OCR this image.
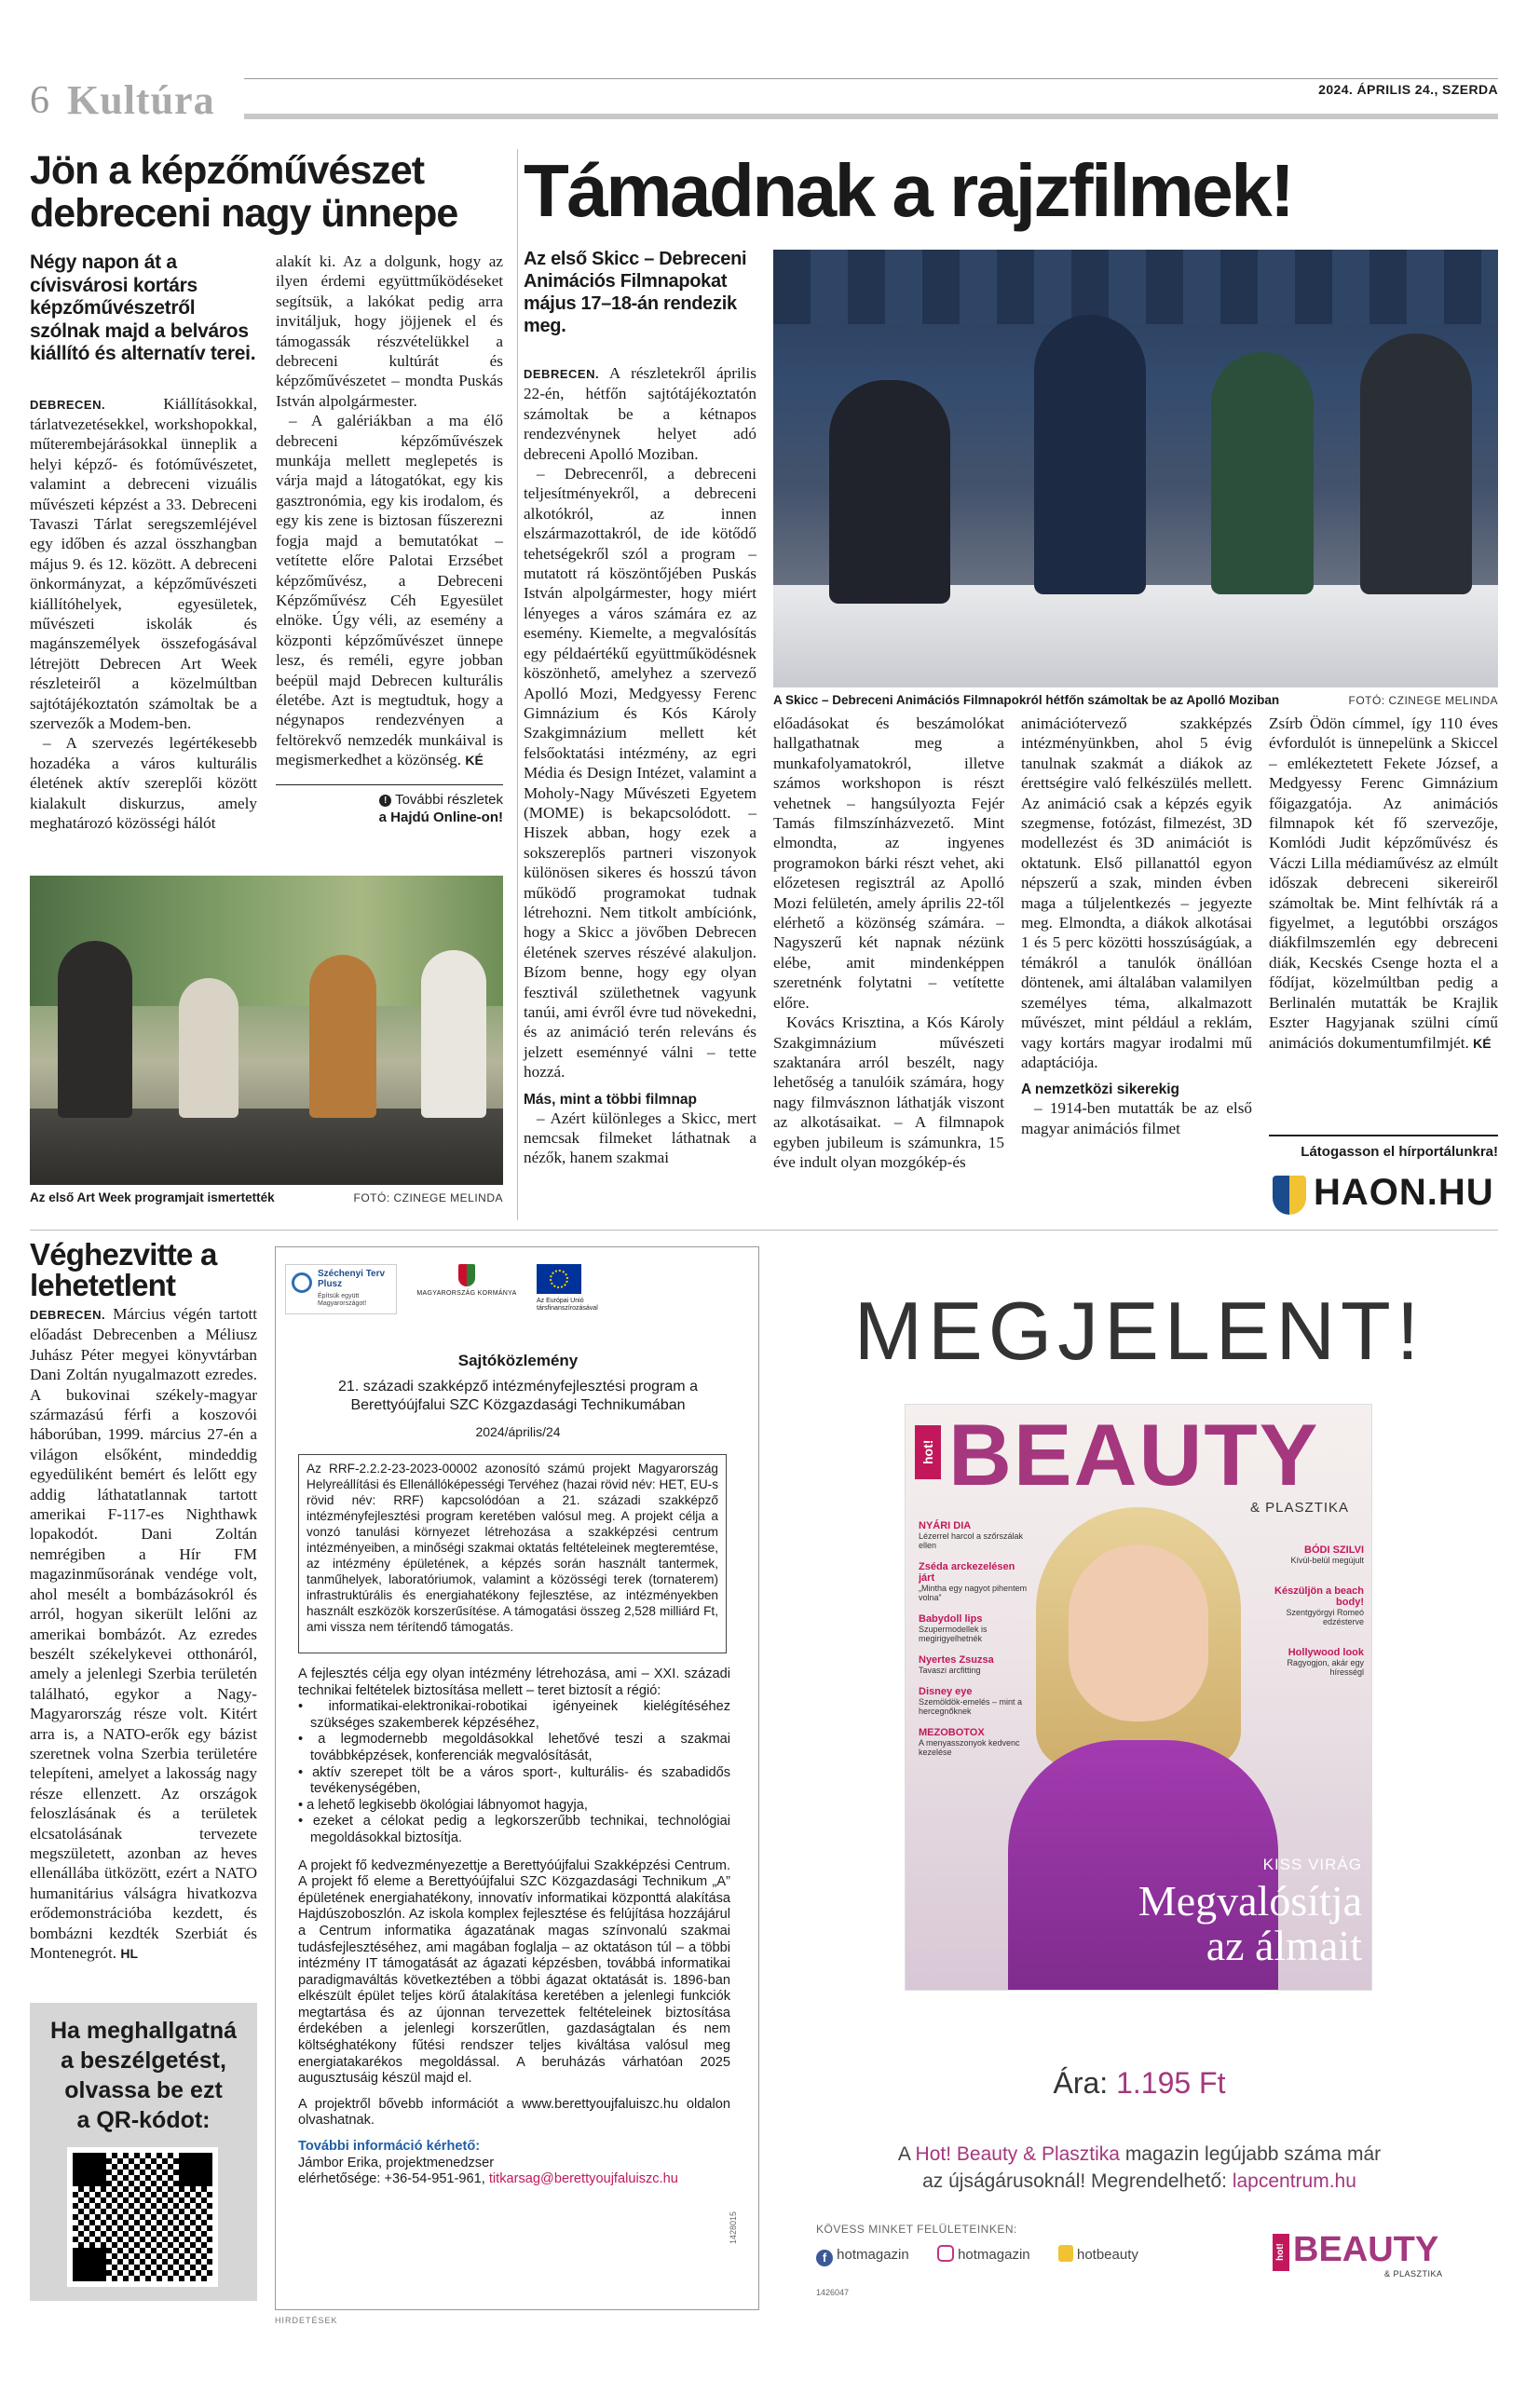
6 Kultúra	2024. ÁPRILIS 24., SZERDA
Jön a képzőművészet debreceni nagy ünnepe
Négy napon át a cívisvárosi kortárs képzőművészetről szólnak majd a belváros kiállító és alternatív terei.

DEBRECEN.	Kiállításokkal, tárlatvezetésekkel, workshopokkal, műterembejárásokkal ünneplik a helyi képző- és fotóművészetet, valamint a debreceni vizuális művészeti képzést a 33. Debreceni Tavaszi Tárlat seregszemléjével egy időben és azzal összhangban május 9. és 12. között. A debreceni önkormányzat, a képzőművészeti kiállítóhelyek, egyesületek, művészeti iskolák és magánszemélyek összefogásával létrejött Debrecen Art Week részleteiről a közelmúltban sajtótájékoztatón számoltak be a szervezők a Modem-ben.

– A szervezés legértékesebb hozadéka a város kulturális életének aktív szereplői között kialakult diskurzus, amely meghatározó közösségi hálót

alakít ki. Az a dolgunk, hogy az ilyen érdemi együttműködéseket segítsük, a lakókat pedig arra invitáljuk, hogy jöjjenek el és támogassák részvételükkel a debreceni kultúrát és képzőművészetet – mondta Puskás István alpolgármester.

– A galériákban a ma élő debreceni képzőművészek munkája mellett meglepetés is várja majd a látogatókat, egy kis gasztronómia, egy kis irodalom, és egy kis zene is biztosan fűszerezni fogja majd a bemutatókat – vetítette előre Palotai Erzsébet képzőművész, a Debreceni Képzőművész Céh Egyesület elnöke. Úgy véli, az esemény a központi képzőművészet ünnepe lesz, és reméli, egyre jobban beépül majd Debrecen kulturális életébe. Azt is megtudtuk, hogy a négynapos rendezvényen a feltörekvő nemzedék munkáival is megismerkedhet a közönség. KÉ

! További részletek
a Hajdú Online-on!
Az első Art Week programjait ismertették	FOTÓ: CZINEGE MELINDA
Támadnak a rajzfilmek!
Az első Skicc – Debreceni Animációs Filmnapokat május 17–18-án rendezik meg.

DEBRECEN. A részletekről április 22-én, hétfőn sajtótájékoztatón számoltak be a kétnapos rendezvénynek helyet adó debreceni Apolló Moziban.

– Debrecenről, a debreceni teljesítményekről, a debreceni alkotókról, az innen elszármazottakról, de ide kötődő tehetségekről szól a program – mutatott rá köszöntőjében Puskás István alpolgármester, hogy miért lényeges a város számára ez az esemény. Kiemelte, a megvalósítás egy példaértékű együttműködésnek köszönhető, amelyhez a szervező Apolló Mozi, Medgyessy Ferenc Gimnázium és Kós Károly Szakgimnázium mellett két felsőoktatási intézmény, az egri Média és Design Intézet, valamint a Moholy-Nagy Művészeti Egyetem (MOME) is bekapcsolódott. – Hiszek abban, hogy ezek a sokszereplős partneri viszonyok különösen sikeres és hosszú távon működő programokat tudnak létrehozni. Nem titkolt ambíciónk, hogy a Skicc a jövőben Debrecen életének szerves részévé alakuljon. Bízom benne, hogy egy olyan fesztivál születhetnek vagyunk tanúi, ami évről évre tud növekedni, és az animáció terén releváns és jelzett eseménnyé válni – tette hozzá.

Más, mint a többi filmnap

– Azért különleges a Skicc, mert nemcsak filmeket láthatnak a nézők, hanem szakmai

A Skicc – Debreceni Animációs Filmnapokról hétfőn számoltak be az Apolló Moziban	FOTÓ: CZINEGE MELINDA

előadásokat és beszámolókat hallgathatnak meg a munkafolyamatokról, illetve számos workshopon is részt vehetnek – hangsúlyozta Fejér Tamás filmszínházvezető. Mint elmondta, az ingyenes programokon bárki részt vehet, aki előzetesen regisztrál az Apolló Mozi felületén, amely április 22-től elérhető a közönség számára. – Nagyszerű két napnak nézünk elébe, amit mindenképpen szeretnénk folytatni – vetítette előre.

Kovács Krisztina, a Kós Károly Szakgimnázium művészeti szaktanára arról beszélt, nagy lehetőség a tanulóik számára, hogy nagy filmvásznon láthatják viszont az alkotásaikat. – A filmnapok egyben jubileum is számunkra, 15 éve indult olyan mozgókép-és

animációtervező szakképzés intézményünkben, ahol 5 évig tanulnak szakmát a diákok az érettségire való felkészülés mellett. Az animáció csak a képzés egyik szegmense, fotózást, filmezést, 3D modellezést és 3D animációt is oktatunk. Első pillanattól egyon népszerű a szak, minden évben maga a túljelentkezés – jegyezte meg. Elmondta, a diákok alkotásai 1 és 5 perc közötti hosszúságúak, a témákról a tanulók önállóan döntenek, ami általában valamilyen személyes téma, alkalmazott művészet, mint például a reklám, vagy kortárs magyar irodalmi mű adaptációja.

A nemzetközi sikerekig

– 1914-ben mutatták be az első magyar animációs filmet

Zsírb Ödön címmel, így 110 éves évfordulót is ünnepelünk a Skiccel – emlékeztetett Fekete József, a Medgyessy Ferenc Gimnázium főigazgatója. Az animációs filmnapok két fő szervezője, Komlódi Judit képzőművész és Váczi Lilla médiaművész az elmúlt időszak debreceni sikereiről számoltak be. Mint felhívták rá a figyelmet, a legutóbbi országos diákfilmszemlén egy debreceni diák, Kecskés Csenge hozta el a fődíjat, közelmúltban pedig a Berlinalén mutatták be Krajlik Eszter Hagyjanak szülni című animációs dokumentumfilmjét. KÉ

Látogasson el hírportálunkra!
HAON.HU
Véghezvitte a lehetetlent

DEBRECEN. Március végén tartott előadást Debrecenben a Méliusz Juhász Péter megyei könyvtárban Dani Zoltán nyugalmazott ezredes. A bukovinai székely-magyar származású férfi a koszovói háborúban, 1999. március 27-én a világon elsőként, mindeddig egyedüliként bemért és lelőtt egy addig láthatatlannak tartott amerikai F-117-es Nighthawk lopakodót. Dani Zoltán nemrégiben a Hír FM magazinműsorának vendége volt, ahol mesélt a bombázásokról és arról, hogyan sikerült lelőni az amerikai bombázót. Az ezredes beszélt székelykevei otthonáról, amely a jelenlegi Szerbia területén található, egykor a Nagy-Magyarország része volt. Kitért arra is, a NATO-erők egy bázist szeretnek volna Szerbia területére telepíteni, amelyet a lakosság nagy része ellenzett. Az országok feloszlásának és a területek elcsatolásának tervezete megszületett, azonban az heves ellenállába ütközött, ezért a NATO humanitárius válságra hivatkozva erődemonstrációba kezdett, és bombázni kezdték Szerbiát és Montenegrót. HL

Ha meghallgatná
a beszélgetést,
olvassa be ezt
a QR-kódot:
Széchenyi Terv Plusz
Építsük együtt Magyarországot!
MAGYARORSZÁG KORMÁNYA
Az Európai Unió
társfinanszírozásával
Sajtóközlemény
21. századi szakképző intézményfejlesztési program a Berettyóújfalui SZC Közgazdasági Technikumában
2024/április/24
Az RRF-2.2.2-23-2023-00002 azonosító számú projekt Magyarország Helyreállítási és Ellenállóképességi Tervéhez (hazai rövid név: HET, EU-s rövid név: RRF) kapcsolódóan a 21. századi szakképző intézményfejlesztési program keretében valósul meg. A projekt célja a vonzó tanulási környezet létrehozása a szakképzési centrum intézményeiben, a minőségi szakmai oktatás feltételeinek megteremtése, az intézmény épületének, a képzés során használt tantermek, tanműhelyek, laboratóriumok, valamint a közösségi terek (tornaterem) infrastruktúrális és energiahatékony fejlesztése, az intézményekben használt eszközök korszerűsítése. A támogatási összeg 2,528 milliárd Ft, ami vissza nem térítendő támogatás.
A fejlesztés célja egy olyan intézmény létrehozása, ami – XXI. századi technikai feltételek biztosítása mellett – teret biztosít a régió:
• informatikai-elektronikai-robotikai igényeinek kielégítéséhez szükséges szakemberek képzéséhez,
• a legmodernebb megoldásokkal lehetővé teszi a szakmai továbbképzések, konferenciák megvalósítását,
• aktív szerepet tölt be a város sport-, kulturális- és szabadidős tevékenységében,
• a lehető legkisebb ökológiai lábnyomot hagyja,
• ezeket a célokat pedig a legkorszerűbb technikai, technológiai megoldásokkal biztosítja.
A projekt fő kedvezményezettje a Berettyóújfalui Szakképzési Centrum. A projekt fő eleme a Berettyóújfalui SZC Közgazdasági Technikum „A” épületének energiahatékony, innovatív informatikai központtá alakítása Hajdúszoboszlón. Az iskola komplex fejlesztése és felújítása hozzájárul a Centrum informatika ágazatának magas színvonalú szakmai tudásfejlesztéséhez, ami magában foglalja – az oktatáson túl – a többi intézmény IT támogatását az ágazati képzésben, továbbá informatikai paradigmaváltás következtében a többi ágazat oktatását is. 1896-ban elkészült épület teljes körű átalakítása keretében a jelenlegi funkciók megtartása és az újonnan tervezettek feltételeinek biztosítása érdekében a jelenlegi korszerűtlen, gazdaságtalan és nem költséghatékony fűtési rendszer teljes kiváltása valósul meg energiatakarékos megoldással. A beruházás várhatóan 2025 augusztusáig készül majd el.
A projektről bővebb információt a www.berettyoujfaluiszc.hu oldalon olvashatnak.
További információ kérhető:
Jámbor Erika, projektmenedzser
elérhetősége: +36-54-951-961, titkarsag@berettyoujfaluiszc.hu
1428015
HIRDETÉSEK
MEGJELENT!
hot! BEAUTY
& PLASZTIKA
NYÁRI DIA
Lézerrel harcol a szőrszálak ellen
Zséda arckezelésen járt
„Mintha egy nagyot pihentem volna”
Babydoll lips
Szupermodellek is megirigyelhetnék
Nyertes Zsuzsa
Tavaszi arcfitting
Disney eye
Szemöldök-emelés – mint a hercegnőknek
MEZOBOTOX
A menyasszonyok kedvenc kezelése
BÓDI SZILVI
Kívül-belül megújult
Készüljön a beach body!
Szentgyörgyi Romeó edzésterve
Hollywood look
Ragyogjon, akár egy hírességl
KISS VIRÁG
Megvalósítja
az álmait
Ára: 1.195 Ft
A Hot! Beauty & Plasztika magazin legújabb száma már
az újságárusoknál! Megrendelhető: lapcentrum.hu
KÖVESS MINKET FELÜLETEINKEN:
f hotmagazin	hotmagazin	hotbeauty
1426047
hot! BEAUTY
& PLASZTIKA
